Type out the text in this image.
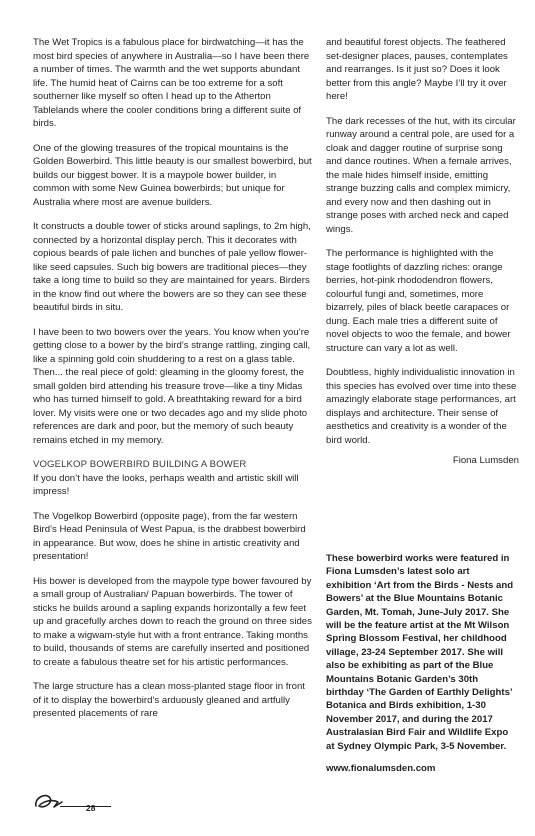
The Wet Tropics is a fabulous place for birdwatching—it has the most bird species of anywhere in Australia—so I have been there a number of times. The warmth and the wet supports abundant life. The humid heat of Cairns can be too extreme for a soft southerner like myself so often I head up to the Atherton Tablelands where the cooler conditions bring a different suite of birds.

One of the glowing treasures of the tropical mountains is the Golden Bowerbird. This little beauty is our smallest bowerbird, but builds our biggest bower. It is a maypole bower builder, in common with some New Guinea bowerbirds; but unique for Australia where most are avenue builders.

It constructs a double tower of sticks around saplings, to 2m high, connected by a horizontal display perch. This it decorates with copious beards of pale lichen and bunches of pale yellow flower-like seed capsules. Such big bowers are traditional pieces—they take a long time to build so they are maintained for years. Birders in the know find out where the bowers are so they can see these beautiful birds in situ.

I have been to two bowers over the years. You know when you’re getting close to a bower by the bird’s strange rattling, zinging call, like a spinning gold coin shuddering to a rest on a glass table. Then... the real piece of gold: gleaming in the gloomy forest, the small golden bird attending his treasure trove—like a tiny Midas who has turned himself to gold. A breathtaking reward for a bird lover. My visits were one or two decades ago and my slide photo references are dark and poor, but the memory of such beauty remains etched in my memory.

VOGELKOP BOWERBIRD BUILDING A BOWER

If you don’t have the looks, perhaps wealth and artistic skill will impress!

The Vogelkop Bowerbird (opposite page), from the far western Bird’s Head Peninsula of West Papua, is the drabbest bowerbird in appearance. But wow, does he shine in artistic creativity and presentation!

His bower is developed from the maypole type bower favoured by a small group of Australian/ Papuan bowerbirds. The tower of sticks he builds around a sapling expands horizontally a few feet up and gracefully arches down to reach the ground on three sides to make a wigwam-style hut with a front entrance. Taking months to build, thousands of stems are carefully inserted and positioned to create a fabulous theatre set for his artistic performances.

The large structure has a clean moss-planted stage floor in front of it to display the bowerbird’s arduously gleaned and artfully presented placements of rare

and beautiful forest objects. The feathered set-designer places, pauses, contemplates and rearranges. Is it just so? Does it look better from this angle? Maybe I’ll try it over here!

The dark recesses of the hut, with its circular runway around a central pole, are used for a cloak and dagger routine of surprise song and dance routines. When a female arrives, the male hides himself inside, emitting strange buzzing calls and complex mimicry, and every now and then dashing out in strange poses with arched neck and caped wings.

The performance is highlighted with the stage footlights of dazzling riches: orange berries, hot-pink rhododendron flowers, colourful fungi and, sometimes, more bizarrely, piles of black beetle carapaces or dung. Each male tries a different suite of novel objects to woo the female, and bower structure can vary a lot as well.

Doubtless, highly individualistic innovation in this species has evolved over time into these amazingly elaborate stage performances, art displays and architecture. Their sense of aesthetics and creativity is a wonder of the bird world.

Fiona Lumsden

These bowerbird works were featured in Fiona Lumsden’s latest solo art exhibition ‘Art from the Birds - Nests and Bowers’ at the Blue Mountains Botanic Garden, Mt. Tomah, June-July 2017. She will be the feature artist at the Mt Wilson Spring Blossom Festival, her childhood village, 23-24 September 2017. She will also be exhibiting as part of the Blue Mountains Botanic Garden’s 30th birthday ‘The Garden of Earthly Delights’ Botanica and Birds exhibition, 1-30 November 2017, and during the 2017 Australasian Bird Fair and Wildlife Expo at Sydney Olympic Park, 3-5 November.

www.fionalumsden.com
28
